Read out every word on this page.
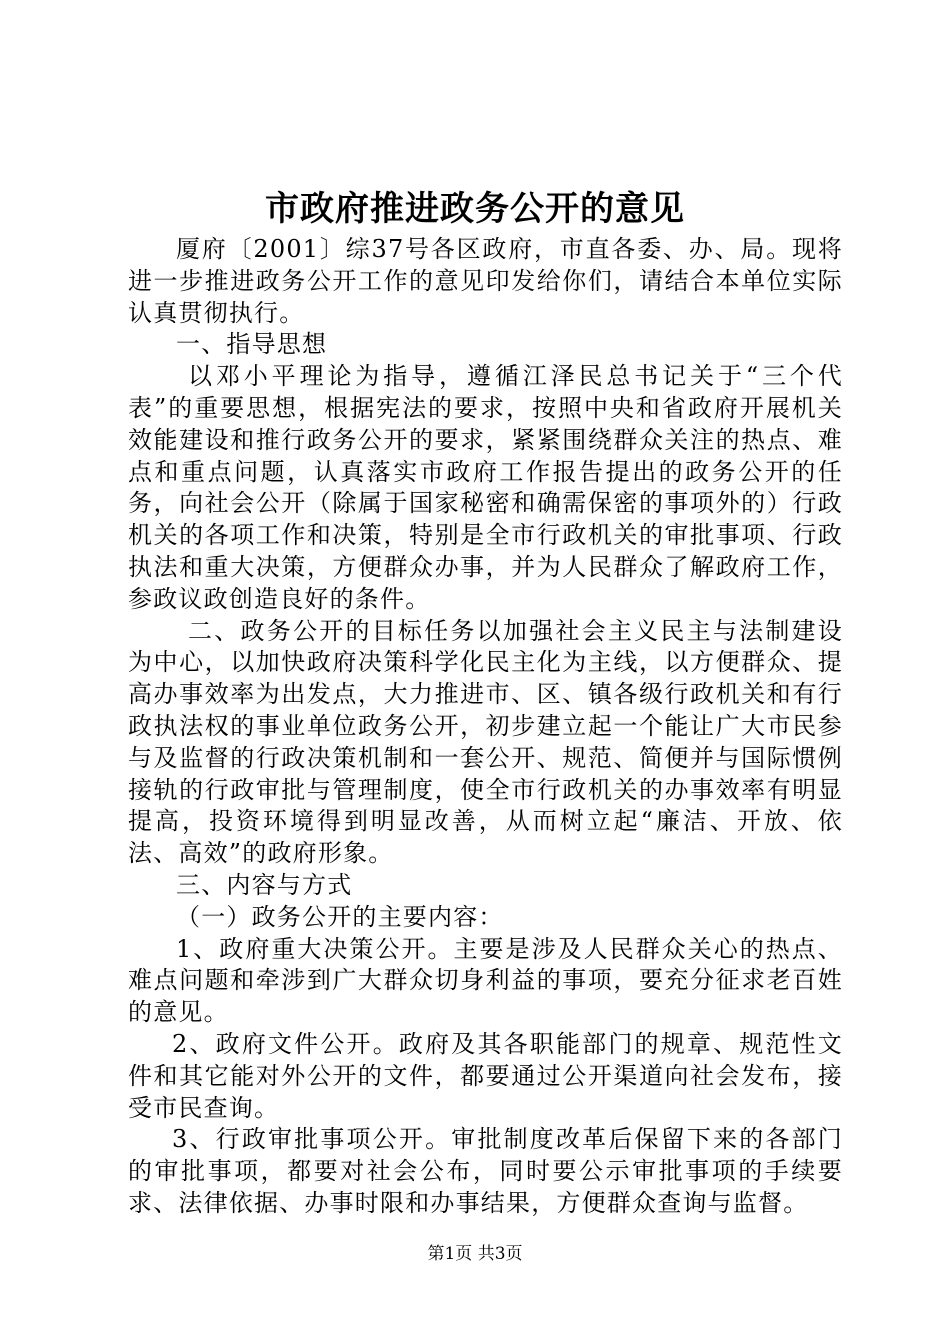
市政府推进政务公开的意见

厦府〔2001〕综37号各区政府，市直各委、办、局。现将进一步推进政务公开工作的意见印发给你们，请结合本单位实际认真贯彻执行。

一、指导思想

以邓小平理论为指导，遵循江泽民总书记关于“三个代表”的重要思想，根据宪法的要求，按照中央和省政府开展机关效能建设和推行政务公开的要求，紧紧围绕群众关注的热点、难点和重点问题，认真落实市政府工作报告提出的政务公开的任务，向社会公开（除属于国家秘密和确需保密的事项外的）行政机关的各项工作和决策，特别是全市行政机关的审批事项、行政执法和重大决策，方便群众办事，并为人民群众了解政府工作，参政议政创造良好的条件。

二、政务公开的目标任务以加强社会主义民主与法制建设为中心，以加快政府决策科学化民主化为主线，以方便群众、提高办事效率为出发点，大力推进市、区、镇各级行政机关和有行政执法权的事业单位政务公开，初步建立起一个能让广大市民参与及监督的行政决策机制和一套公开、规范、简便并与国际惯例接轨的行政审批与管理制度，使全市行政机关的办事效率有明显提高，投资环境得到明显改善，从而树立起“廉洁、开放、依法、高效”的政府形象。

三、内容与方式

（一）政务公开的主要内容：

1、政府重大决策公开。主要是涉及人民群众关心的热点、难点问题和牵涉到广大群众切身利益的事项，要充分征求老百姓的意见。

2、政府文件公开。政府及其各职能部门的规章、规范性文件和其它能对外公开的文件，都要通过公开渠道向社会发布，接受市民查询。

3、行政审批事项公开。审批制度改革后保留下来的各部门的审批事项，都要对社会公布，同时要公示审批事项的手续要求、法律依据、办事时限和办事结果，方便群众查询与监督。

第1页 共3页
